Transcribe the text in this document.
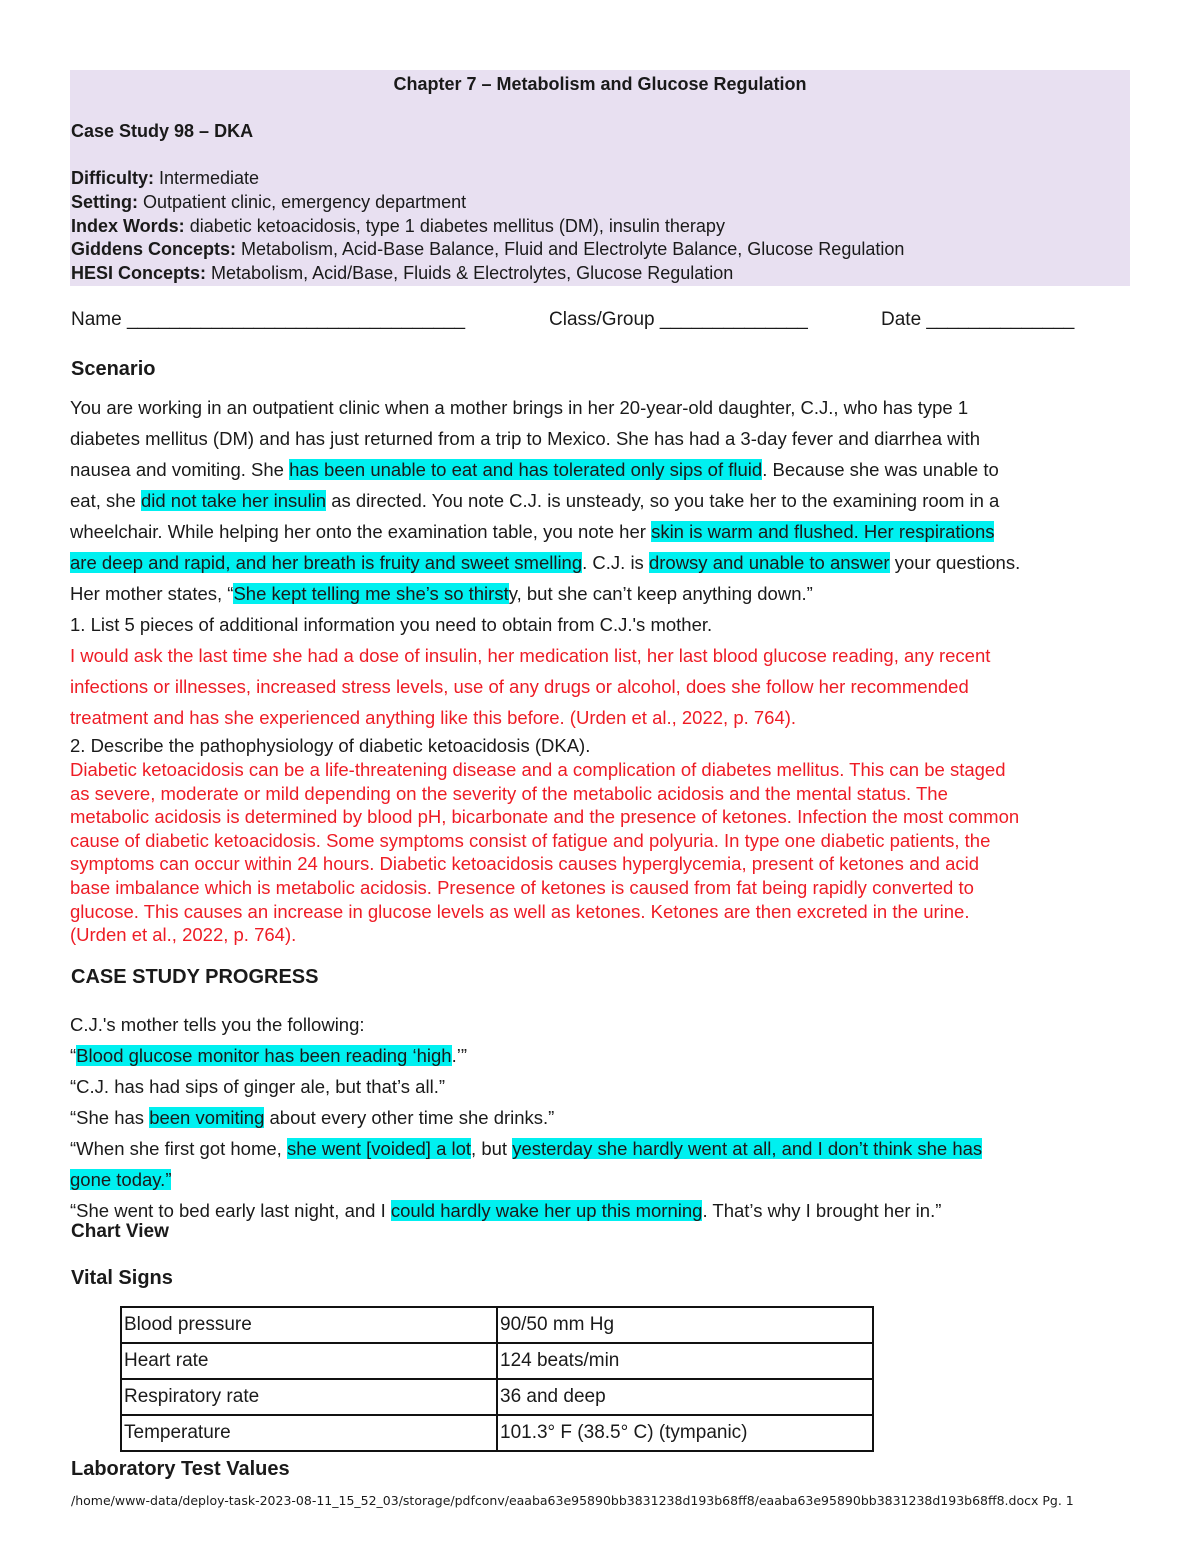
Chapter 7 – Metabolism and Glucose Regulation
Case Study 98 – DKA
Difficulty: Intermediate
Setting: Outpatient clinic, emergency department
Index Words: diabetic ketoacidosis, type 1 diabetes mellitus (DM), insulin therapy
Giddens Concepts: Metabolism, Acid-Base Balance, Fluid and Electrolyte Balance, Glucose Regulation
HESI Concepts: Metabolism, Acid/Base, Fluids & Electrolytes, Glucose Regulation
Name ________________________________	Class/Group ______________	Date ______________
Scenario
You are working in an outpatient clinic when a mother brings in her 20-year-old daughter, C.J., who has type 1
diabetes mellitus (DM) and has just returned from a trip to Mexico. She has had a 3-day fever and diarrhea with
nausea and vomiting. She has been unable to eat and has tolerated only sips of fluid. Because she was unable to
eat, she did not take her insulin as directed. You note C.J. is unsteady, so you take her to the examining room in a
wheelchair. While helping her onto the examination table, you note her skin is warm and flushed. Her respirations
are deep and rapid, and her breath is fruity and sweet smelling. C.J. is drowsy and unable to answer your questions.
Her mother states, “She kept telling me she’s so thirsty, but she can’t keep anything down.”
1. List 5 pieces of additional information you need to obtain from C.J.'s mother.
I would ask the last time she had a dose of insulin, her medication list, her last blood glucose reading, any recent
infections or illnesses, increased stress levels, use of any drugs or alcohol, does she follow her recommended
treatment and has she experienced anything like this before. (Urden et al., 2022, p. 764).
2. Describe the pathophysiology of diabetic ketoacidosis (DKA).
Diabetic ketoacidosis can be a life-threatening disease and a complication of diabetes mellitus. This can be staged
as severe, moderate or mild depending on the severity of the metabolic acidosis and the mental status. The
metabolic acidosis is determined by blood pH, bicarbonate and the presence of ketones. Infection the most common
cause of diabetic ketoacidosis. Some symptoms consist of fatigue and polyuria. In type one diabetic patients, the
symptoms can occur within 24 hours. Diabetic ketoacidosis causes hyperglycemia, present of ketones and acid
base imbalance which is metabolic acidosis. Presence of ketones is caused from fat being rapidly converted to
glucose. This causes an increase in glucose levels as well as ketones. Ketones are then excreted in the urine.
(Urden et al., 2022, p. 764).
CASE STUDY PROGRESS
C.J.'s mother tells you the following:
“Blood glucose monitor has been reading ‘high.’”
“C.J. has had sips of ginger ale, but that’s all.”
“She has been vomiting about every other time she drinks.”
“When she first got home, she went [voided] a lot, but yesterday she hardly went at all, and I don’t think she has
gone today.”
“She went to bed early last night, and I could hardly wake her up this morning. That’s why I brought her in.”
Chart View
Vital Signs
Blood pressure	90/50 mm Hg
Heart rate	124 beats/min
Respiratory rate	36 and deep
Temperature	101.3° F (38.5° C) (tympanic)
Laboratory Test Values
/home/www-data/deploy-task-2023-08-11_15_52_03/storage/pdfconv/eaaba63e95890bb3831238d193b68ff8/eaaba63e95890bb3831238d193b68ff8.docx Pg. 1
